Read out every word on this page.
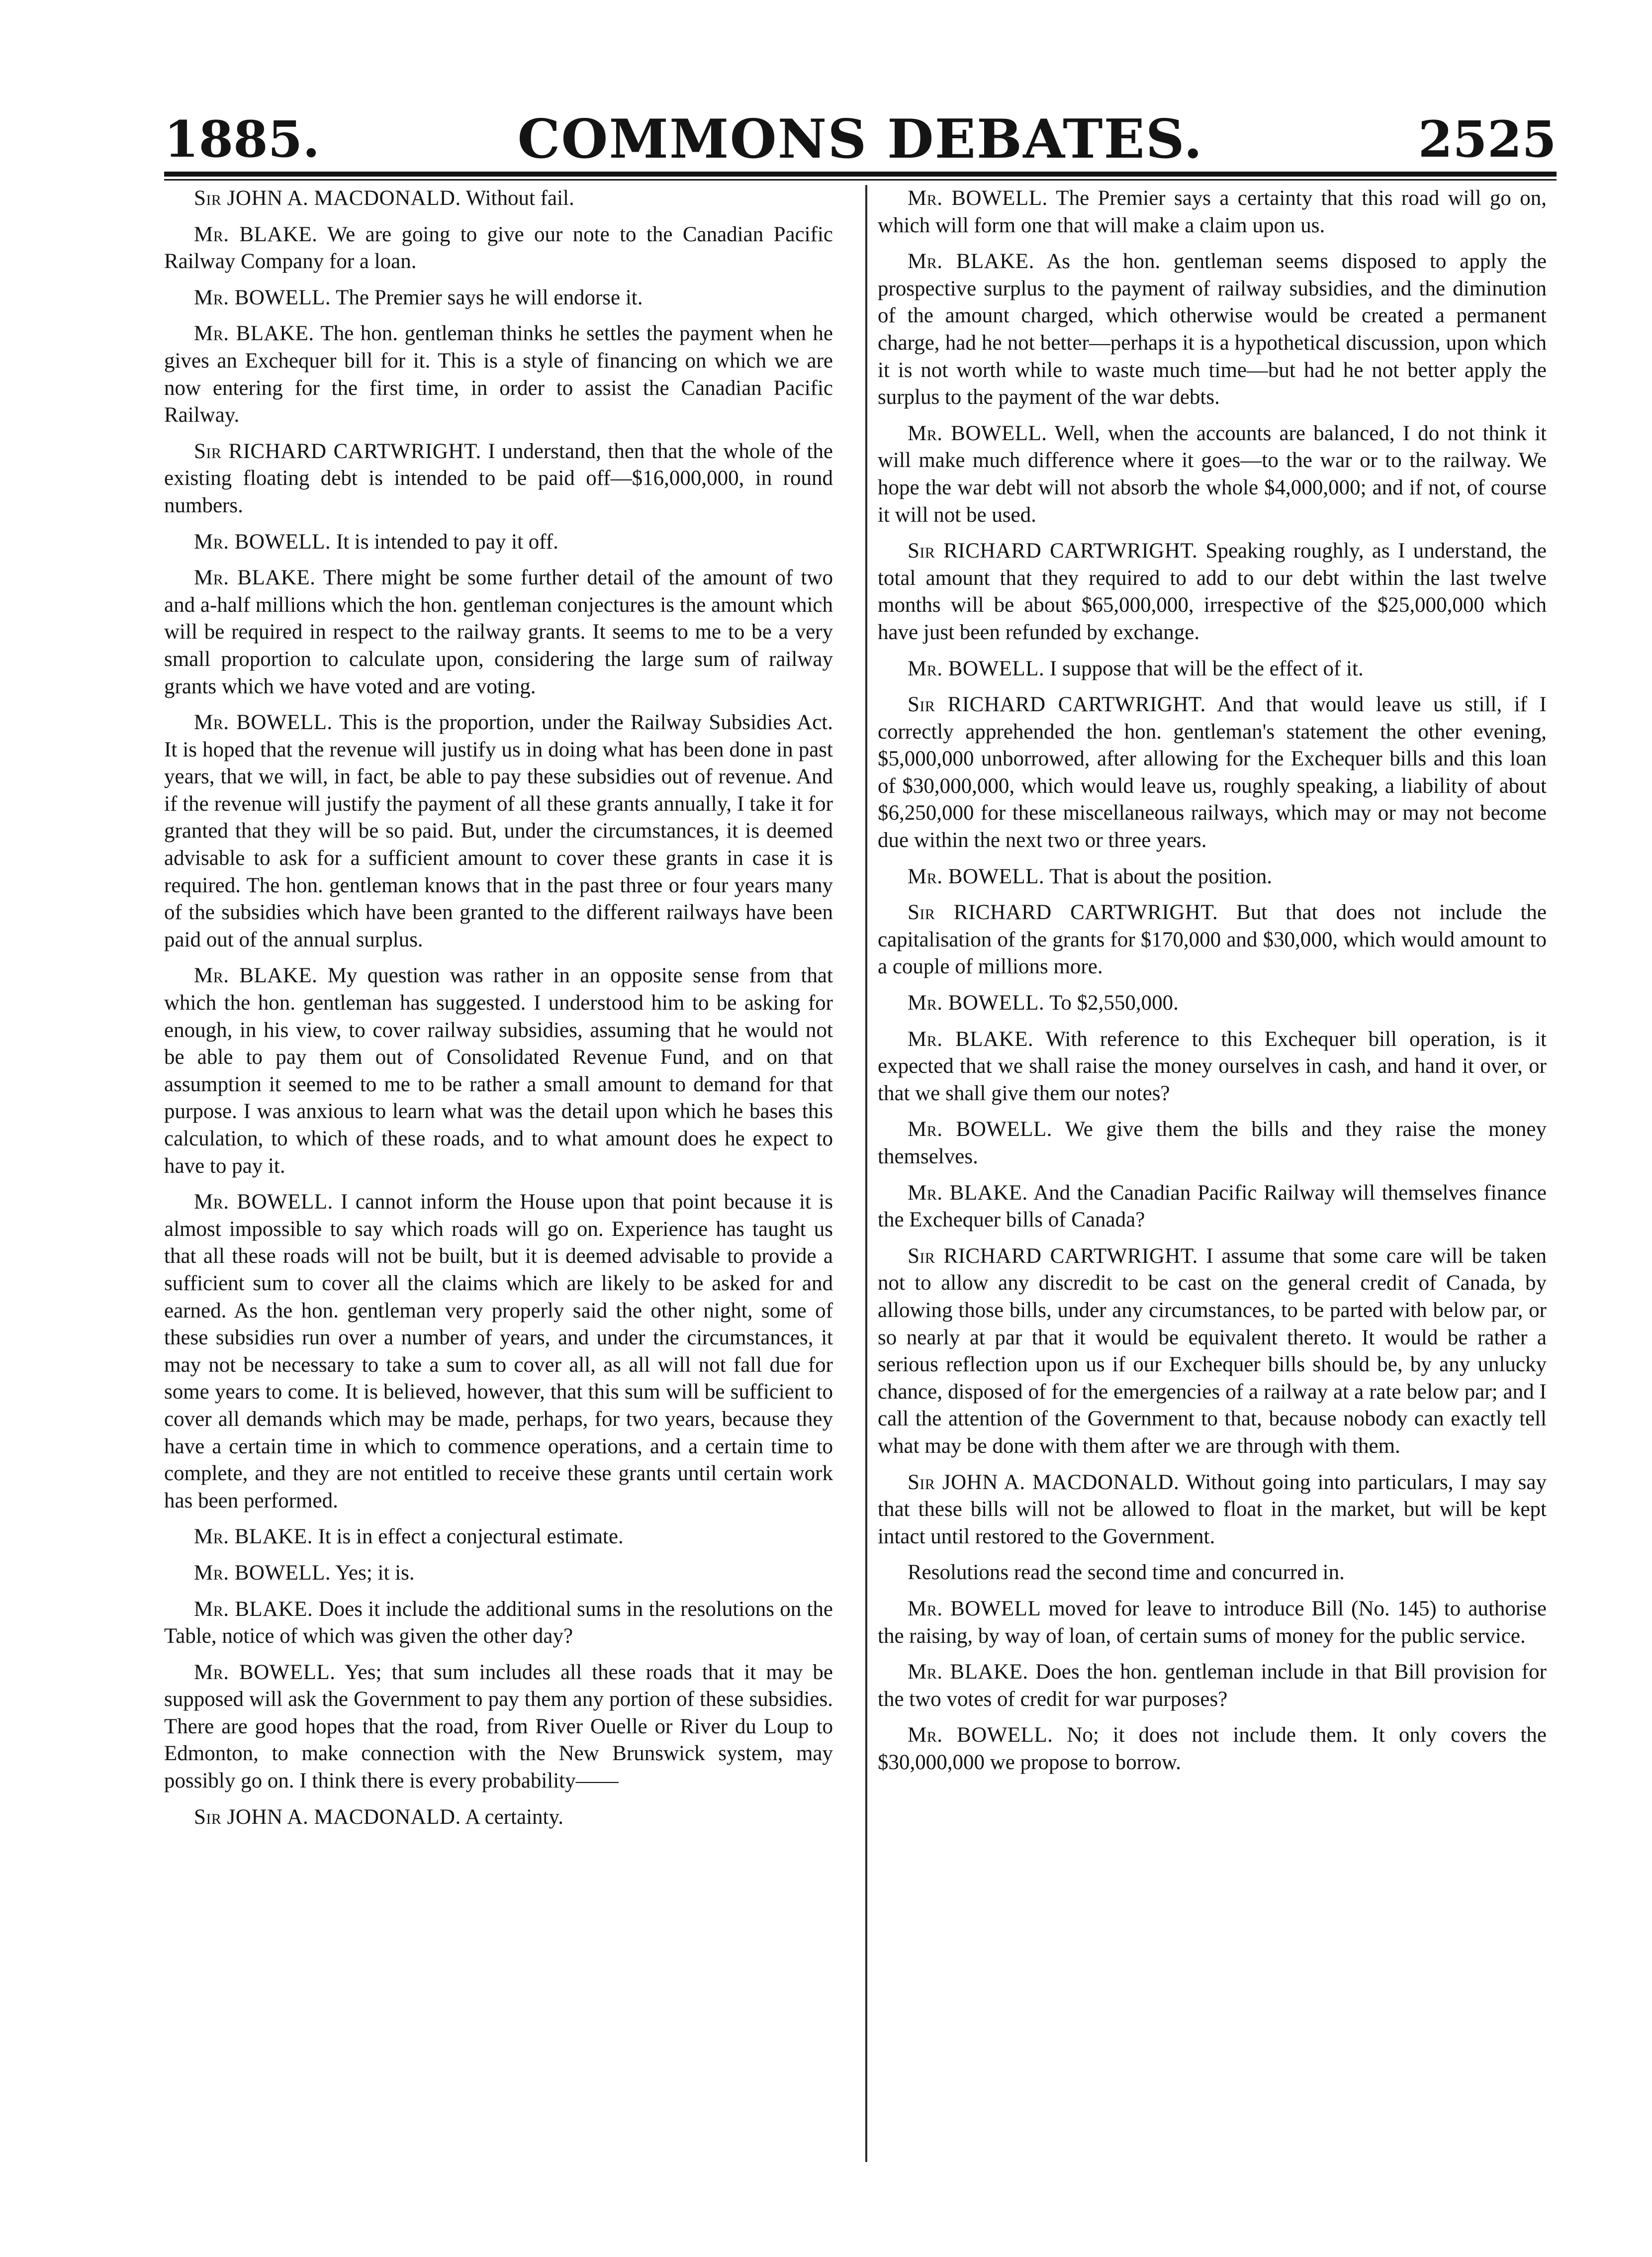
1885.	COMMONS DEBATES.	2525

Sir JOHN A. MACDONALD. Without fail.

Mr. BLAKE. We are going to give our note to the Canadian Pacific Railway Company for a loan.

Mr. BOWELL. The Premier says he will endorse it.

Mr. BLAKE. The hon. gentleman thinks he settles the payment when he gives an Exchequer bill for it. This is a style of financing on which we are now entering for the first time, in order to assist the Canadian Pacific Railway.

Sir RICHARD CARTWRIGHT. I understand, then that the whole of the existing floating debt is intended to be paid off—$16,000,000, in round numbers.

Mr. BOWELL. It is intended to pay it off.

Mr. BLAKE. There might be some further detail of the amount of two and a-half millions which the hon. gentleman conjectures is the amount which will be required in respect to the railway grants. It seems to me to be a very small proportion to calculate upon, considering the large sum of railway grants which we have voted and are voting.

Mr. BOWELL. This is the proportion, under the Railway Subsidies Act. It is hoped that the revenue will justify us in doing what has been done in past years, that we will, in fact, be able to pay these subsidies out of revenue. And if the revenue will justify the payment of all these grants annually, I take it for granted that they will be so paid. But, under the circumstances, it is deemed advisable to ask for a sufficient amount to cover these grants in case it is required. The hon. gentleman knows that in the past three or four years many of the subsidies which have been granted to the different railways have been paid out of the annual surplus.

Mr. BLAKE. My question was rather in an opposite sense from that which the hon. gentleman has suggested. I understood him to be asking for enough, in his view, to cover railway subsidies, assuming that he would not be able to pay them out of Consolidated Revenue Fund, and on that assumption it seemed to me to be rather a small amount to demand for that purpose. I was anxious to learn what was the detail upon which he bases this calculation, to which of these roads, and to what amount does he expect to have to pay it.

Mr. BOWELL. I cannot inform the House upon that point because it is almost impossible to say which roads will go on. Experience has taught us that all these roads will not be built, but it is deemed advisable to provide a sufficient sum to cover all the claims which are likely to be asked for and earned. As the hon. gentleman very properly said the other night, some of these subsidies run over a number of years, and under the circumstances, it may not be necessary to take a sum to cover all, as all will not fall due for some years to come. It is believed, however, that this sum will be sufficient to cover all demands which may be made, perhaps, for two years, because they have a certain time in which to commence operations, and a certain time to complete, and they are not entitled to receive these grants until certain work has been performed.

Mr. BLAKE. It is in effect a conjectural estimate.

Mr. BOWELL. Yes; it is.

Mr. BLAKE. Does it include the additional sums in the resolutions on the Table, notice of which was given the other day?

Mr. BOWELL. Yes; that sum includes all these roads that it may be supposed will ask the Government to pay them any portion of these subsidies. There are good hopes that the road, from River Ouelle or River du Loup to Edmonton, to make connection with the New Brunswick system, may possibly go on. I think there is every probability——

Sir JOHN A. MACDONALD. A certainty.

Mr. BOWELL. The Premier says a certainty that this road will go on, which will form one that will make a claim upon us.

Mr. BLAKE. As the hon. gentleman seems disposed to apply the prospective surplus to the payment of railway subsidies, and the diminution of the amount charged, which otherwise would be created a permanent charge, had he not better—perhaps it is a hypothetical discussion, upon which it is not worth while to waste much time—but had he not better apply the surplus to the payment of the war debts.

Mr. BOWELL. Well, when the accounts are balanced, I do not think it will make much difference where it goes—to the war or to the railway. We hope the war debt will not absorb the whole $4,000,000; and if not, of course it will not be used.

Sir RICHARD CARTWRIGHT. Speaking roughly, as I understand, the total amount that they required to add to our debt within the last twelve months will be about $65,000,000, irrespective of the $25,000,000 which have just been refunded by exchange.

Mr. BOWELL. I suppose that will be the effect of it.

Sir RICHARD CARTWRIGHT. And that would leave us still, if I correctly apprehended the hon. gentleman's statement the other evening, $5,000,000 unborrowed, after allowing for the Exchequer bills and this loan of $30,000,000, which would leave us, roughly speaking, a liability of about $6,250,000 for these miscellaneous railways, which may or may not become due within the next two or three years.

Mr. BOWELL. That is about the position.

Sir RICHARD CARTWRIGHT. But that does not include the capitalisation of the grants for $170,000 and $30,000, which would amount to a couple of millions more.

Mr. BOWELL. To $2,550,000.

Mr. BLAKE. With reference to this Exchequer bill operation, is it expected that we shall raise the money ourselves in cash, and hand it over, or that we shall give them our notes?

Mr. BOWELL. We give them the bills and they raise the money themselves.

Mr. BLAKE. And the Canadian Pacific Railway will themselves finance the Exchequer bills of Canada?

Sir RICHARD CARTWRIGHT. I assume that some care will be taken not to allow any discredit to be cast on the general credit of Canada, by allowing those bills, under any circumstances, to be parted with below par, or so nearly at par that it would be equivalent thereto. It would be rather a serious reflection upon us if our Exchequer bills should be, by any unlucky chance, disposed of for the emergencies of a railway at a rate below par; and I call the attention of the Government to that, because nobody can exactly tell what may be done with them after we are through with them.

Sir JOHN A. MACDONALD. Without going into particulars, I may say that these bills will not be allowed to float in the market, but will be kept intact until restored to the Government.

Resolutions read the second time and concurred in.

Mr. BOWELL moved for leave to introduce Bill (No. 145) to authorise the raising, by way of loan, of certain sums of money for the public service.

Mr. BLAKE. Does the hon. gentleman include in that Bill provision for the two votes of credit for war purposes?

Mr. BOWELL. No; it does not include them. It only covers the $30,000,000 we propose to borrow.
